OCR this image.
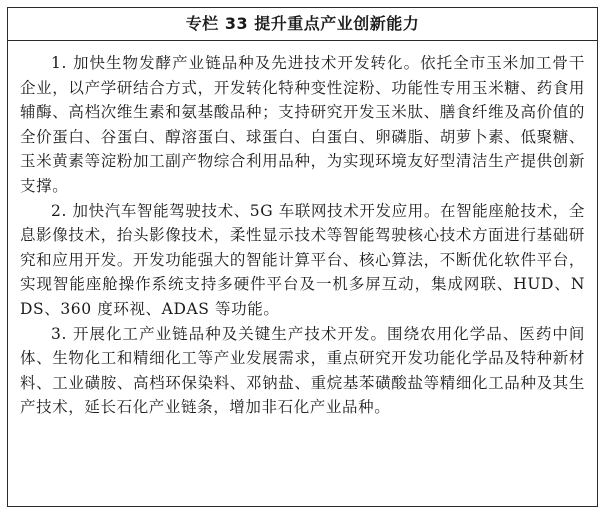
专栏 33 提升重点产业创新能力

1. 加快生物发酵产业链品种及先进技术开发转化。依托全市玉米加工骨干企业，以产学研结合方式，开发转化特种变性淀粉、功能性专用玉米糖、药食用辅酶、高档次维生素和氨基酸品种；支持研究开发玉米肽、膳食纤维及高价值的全价蛋白、谷蛋白、醇溶蛋白、球蛋白、白蛋白、卵磷脂、胡萝卜素、低聚糖、玉米黄素等淀粉加工副产物综合利用品种，为实现环境友好型清洁生产提供创新支撑。

2. 加快汽车智能驾驶技术、5G 车联网技术开发应用。在智能座舱技术，全息影像技术，抬头影像技术，柔性显示技术等智能驾驶核心技术方面进行基础研究和应用开发。开发功能强大的智能计算平台、核心算法，不断优化软件平台，实现智能座舱操作系统支持多硬件平台及一机多屏互动，集成网联、HUD、NDS、360 度环视、ADAS 等功能。

3. 开展化工产业链品种及关键生产技术开发。围绕农用化学品、医药中间体、生物化工和精细化工等产业发展需求，重点研究开发功能化学品及特种新材料、工业磺胺、高档环保染料、邓钠盐、重烷基苯磺酸盐等精细化工品种及其生产技术，延长石化产业链条，增加非石化产业品种。
